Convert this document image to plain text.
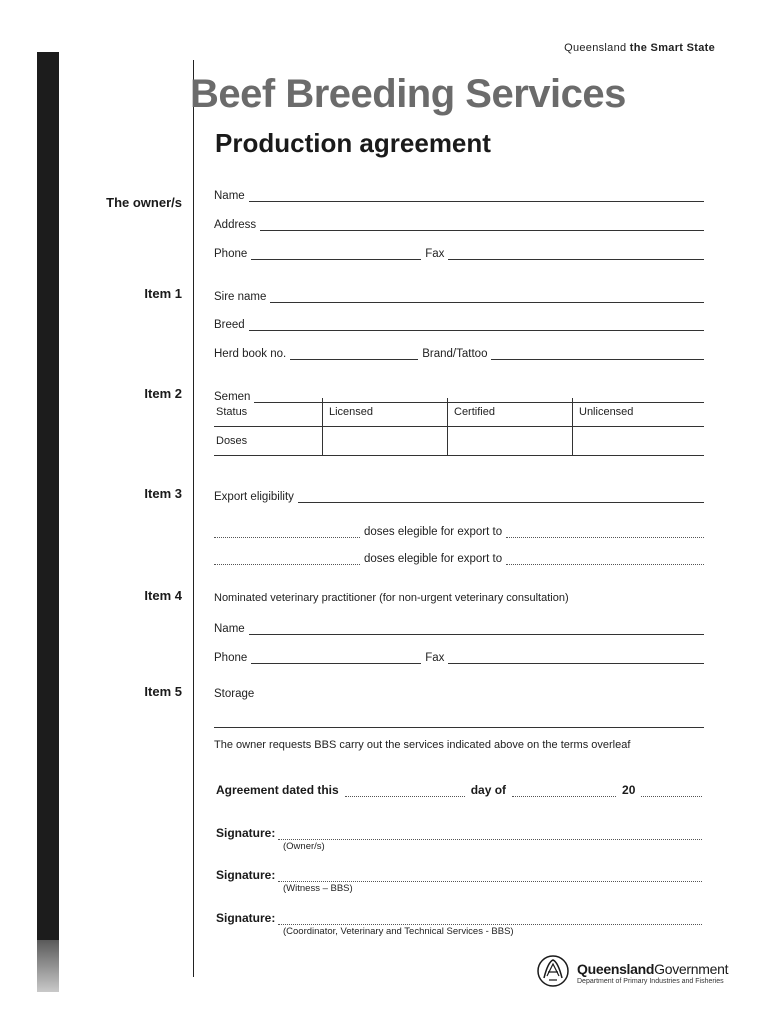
Queensland the Smart State
Beef Breeding Services
Production agreement
The owner/s
Item 1
Item 2
Item 3
Item 4
Item 5
Name
Address
Phone	Fax
Sire name
Breed
Herd book no.	Brand/Tattoo
Semen
Status	Licensed	Certified	Unlicensed
Doses			
Export eligibility
doses elegible for export to
doses elegible for export to
Nominated veterinary practitioner (for non-urgent veterinary consultation)
Name
Phone	Fax
Storage
The owner requests BBS carry out the services indicated above on the terms overleaf
Agreement dated this	day of	20
Signature:
(Owner/s)
Signature:
(Witness – BBS)
Signature:
(Coordinator, Veterinary and Technical Services - BBS)
QueenslandGovernment
Department of Primary Industries and Fisheries
